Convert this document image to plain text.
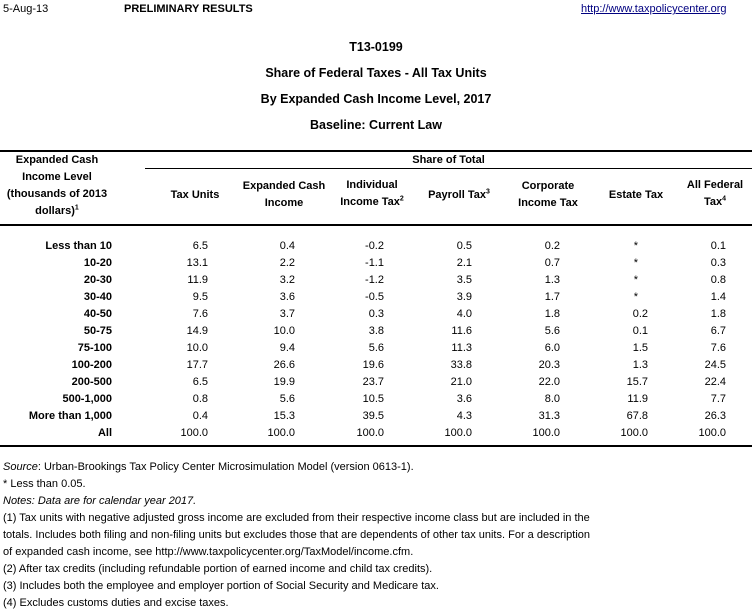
5-Aug-13	PRELIMINARY RESULTS	http://www.taxpolicycenter.org
T13-0199
Share of Federal Taxes - All Tax Units
By Expanded Cash Income Level, 2017
Baseline: Current Law
Expanded Cash
Income Level
(thousands of 2013
dollars)$^1$
Share of Total
Tax Units
Expanded Cash
Income
Individual
Income Tax$^2$	Payroll Tax$^3$	Corporate
Income Tax
Estate Tax
All Federal
Tax$^4$
Less than 10	6.5	0.4	-0.2	0.5	0.2	*	0.1
10-20	13.1	2.2	-1.1	2.1	0.7	*	0.3
20-30	11.9	3.2	-1.2	3.5	1.3	*	0.8
30-40	9.5	3.6	-0.5	3.9	1.7	*	1.4
40-50	7.6	3.7	0.3	4.0	1.8	0.2	1.8
50-75	14.9	10.0	3.8	11.6	5.6	0.1	6.7
75-100	10.0	9.4	5.6	11.3	6.0	1.5	7.6
100-200	17.7	26.6	19.6	33.8	20.3	1.3	24.5
200-500	6.5	19.9	23.7	21.0	22.0	15.7	22.4
500-1,000	0.8	5.6	10.5	3.6	8.0	11.9	7.7
More than 1,000	0.4	15.3	39.5	4.3	31.3	67.8	26.3
All	100.0	100.0	100.0	100.0	100.0	100.0	100.0
Source: Urban-Brookings Tax Policy Center Microsimulation Model (version 0613-1).
* Less than 0.05.
Notes: Data are for calendar year 2017.
(1) Tax units with negative adjusted gross income are excluded from their respective income class but are included in the
totals. Includes both filing and non-filing units but excludes those that are dependents of other tax units. For a description
of expanded cash income, see http://www.taxpolicycenter.org/TaxModel/income.cfm.
(2) After tax credits (including refundable portion of earned income and child tax credits).
(3) Includes both the employee and employer portion of Social Security and Medicare tax.
(4) Excludes customs duties and excise taxes.
